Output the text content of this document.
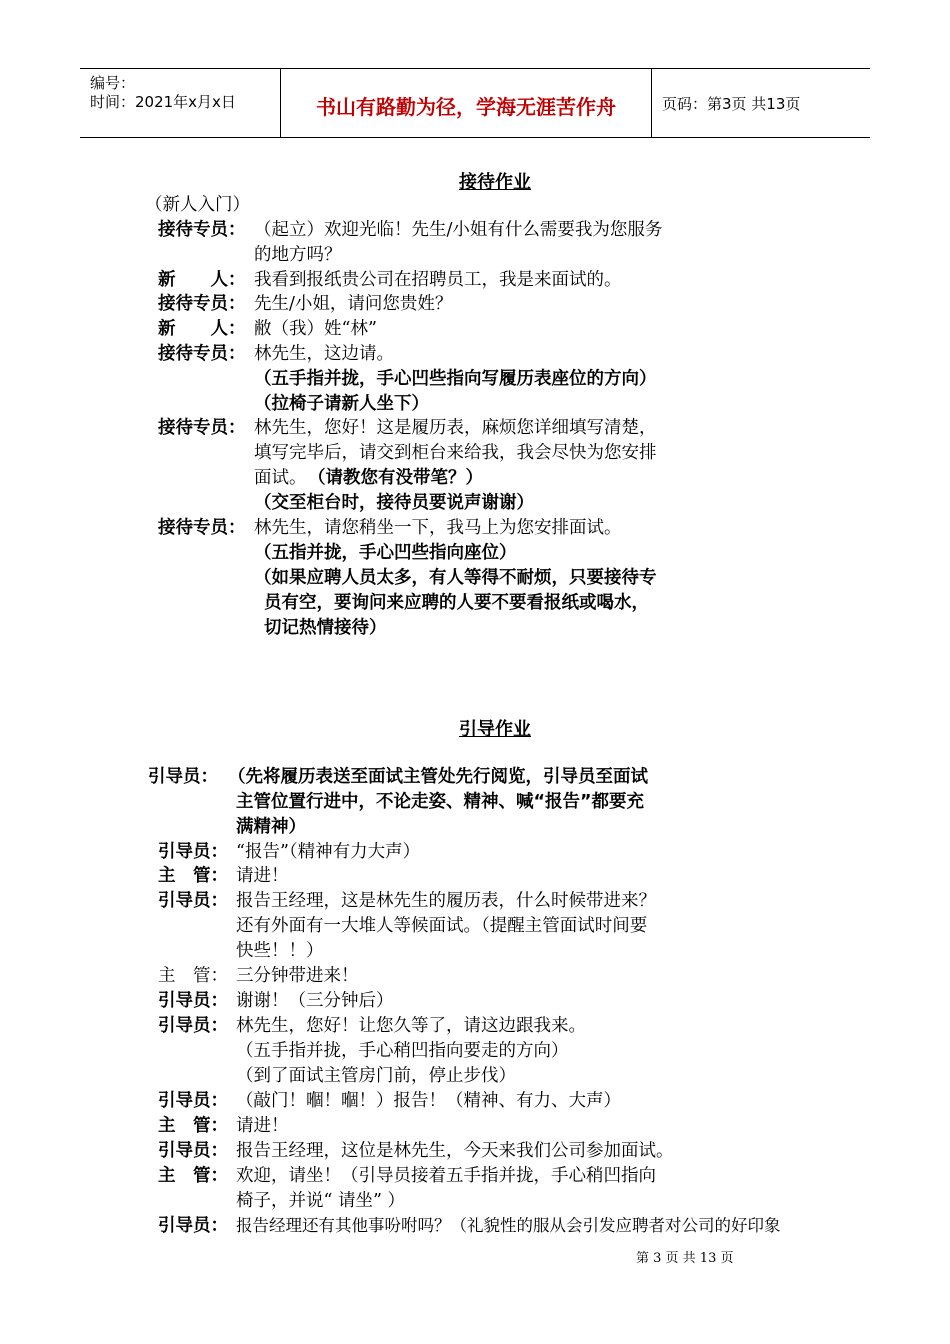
编号：
时间：2021年x月x日	书山有路勤为径，学海无涯苦作舟	页码：第3页 共13页
接待作业
（新人入门）
接待专员： （起立）欢迎光临！先生/小姐有什么需要我为您服务
的地方吗？
新　　人： 我看到报纸贵公司在招聘员工，我是来面试的。
接待专员： 先生/小姐，请问您贵姓？
新　　人： 敝（我）姓“林”
接待专员： 林先生，这边请。
（五手指并拢，手心凹些指向写履历表座位的方向）
（拉椅子请新人坐下）
接待专员： 林先生，您好！这是履历表，麻烦您详细填写清楚，
填写完毕后，请交到柜台来给我，我会尽快为您安排
面试。 （请教您有没带笔？）
（交至柜台时，接待员要说声谢谢）
接待专员： 林先生，请您稍坐一下，我马上为您安排面试。
（五指并拢，手心凹些指向座位）
（如果应聘人员太多，有人等得不耐烦，只要接待专
员有空，要询问来应聘的人要不要看报纸或喝水，
切记热情接待）
引导作业
引导员： （先将履历表送至面试主管处先行阅览，引导员至面试
主管位置行进中，不论走姿、精神、喊“报告”都要充
满精神）
引导员： “报告”（精神有力大声）
主　管： 请进！
引导员： 报告王经理，这是林先生的履历表，什么时候带进来？
还有外面有一大堆人等候面试。（提醒主管面试时间要
快些！！）
主　管： 三分钟带进来！
引导员： 谢谢！（三分钟后）
引导员： 林先生，您好！让您久等了，请这边跟我来。
（五手指并拢，手心稍凹指向要走的方向）
（到了面试主管房门前，停止步伐）
引导员： （敲门！嗰！嗰！）报告！（精神、有力、大声）
主　管： 请进！
引导员： 报告王经理，这位是林先生，今天来我们公司参加面试。
主　管： 欢迎，请坐！（引导员接着五手指并拢，手心稍凹指向
椅子，并说“ 请坐” ）
引导员： 报告经理还有其他事吩咐吗？（礼貌性的服从会引发应聘者对公司的好印象
第 3 页 共 13 页
